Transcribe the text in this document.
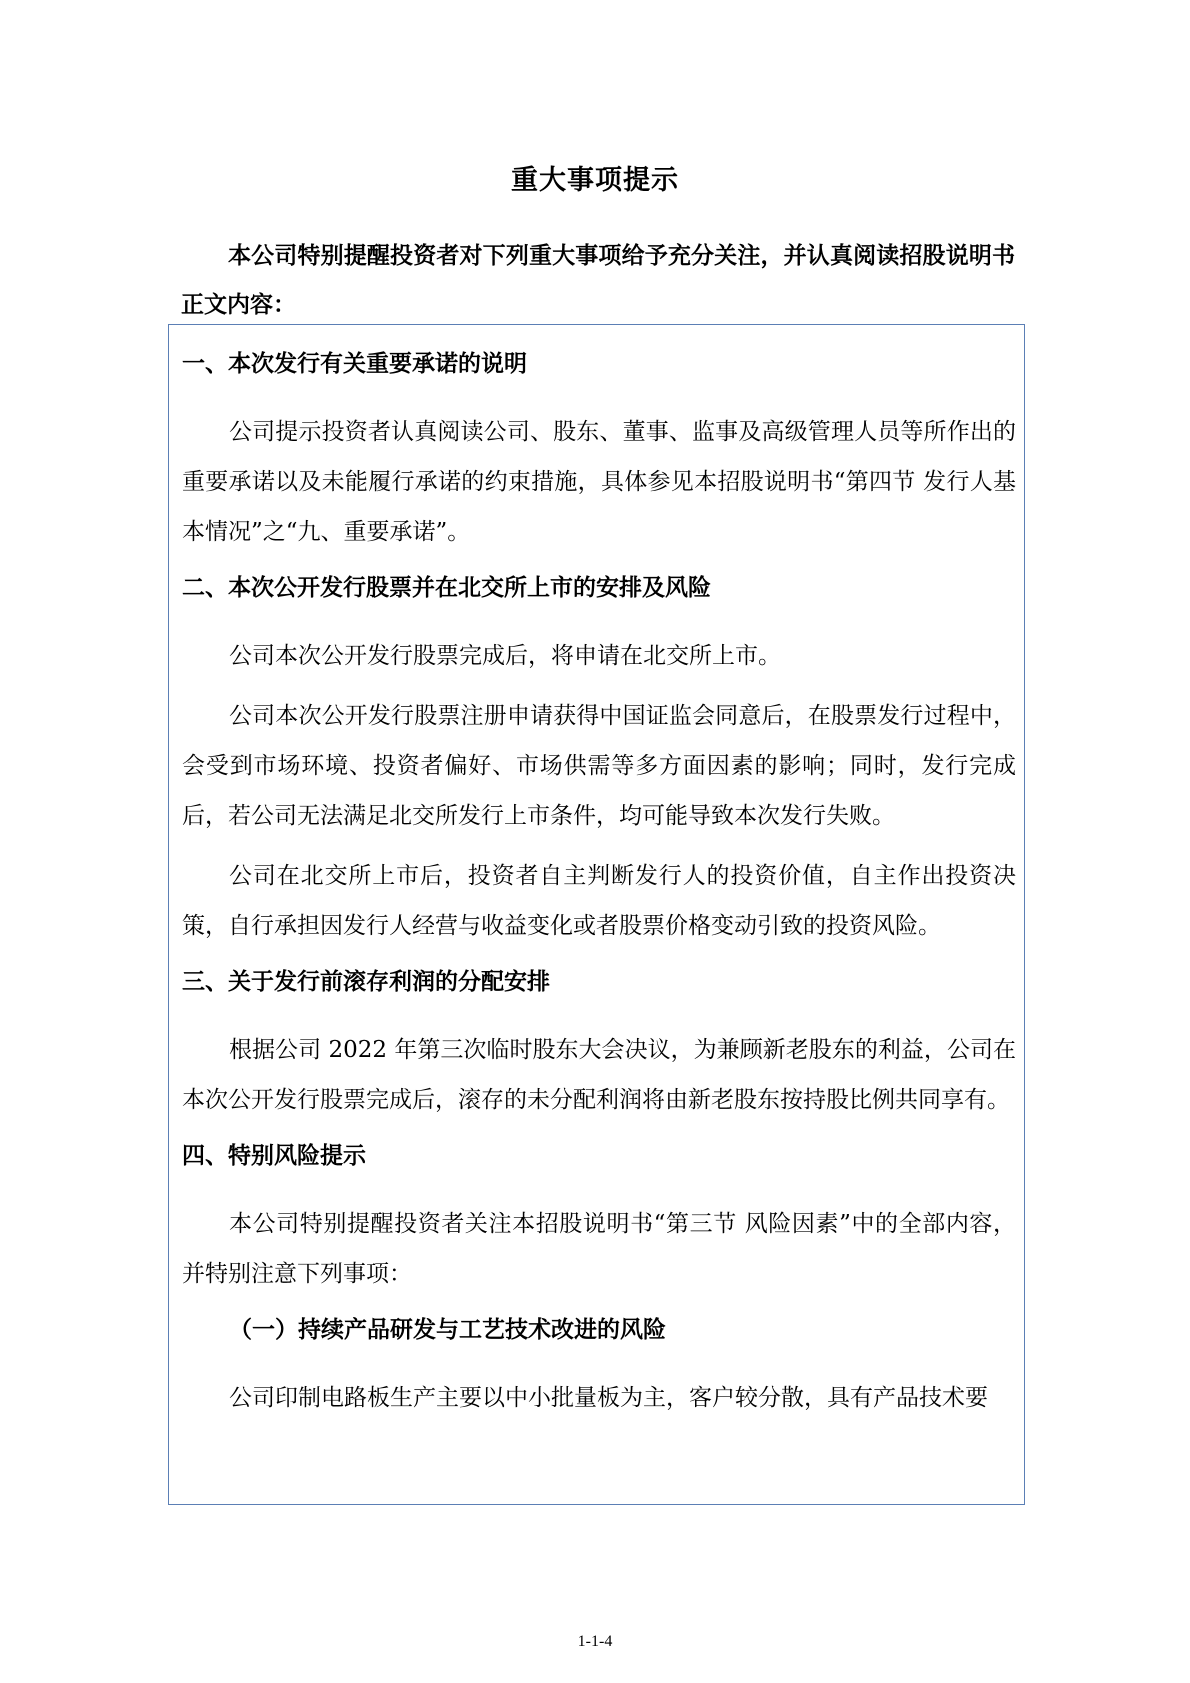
重大事项提示

本公司特别提醒投资者对下列重大事项给予充分关注，并认真阅读招股说明书正文内容：

一、本次发行有关重要承诺的说明

公司提示投资者认真阅读公司、股东、董事、监事及高级管理人员等所作出的重要承诺以及未能履行承诺的约束措施，具体参见本招股说明书“第四节 发行人基本情况”之“九、重要承诺”。

二、本次公开发行股票并在北交所上市的安排及风险

公司本次公开发行股票完成后，将申请在北交所上市。

公司本次公开发行股票注册申请获得中国证监会同意后，在股票发行过程中，会受到市场环境、投资者偏好、市场供需等多方面因素的影响；同时，发行完成后，若公司无法满足北交所发行上市条件，均可能导致本次发行失败。

公司在北交所上市后，投资者自主判断发行人的投资价值，自主作出投资决策，自行承担因发行人经营与收益变化或者股票价格变动引致的投资风险。

三、关于发行前滚存利润的分配安排

根据公司 2022 年第三次临时股东大会决议，为兼顾新老股东的利益，公司在本次公开发行股票完成后，滚存的未分配利润将由新老股东按持股比例共同享有。

四、特别风险提示

本公司特别提醒投资者关注本招股说明书“第三节 风险因素”中的全部内容，并特别注意下列事项：

（一）持续产品研发与工艺技术改进的风险

公司印制电路板生产主要以中小批量板为主，客户较分散，具有产品技术要

1-1-4
